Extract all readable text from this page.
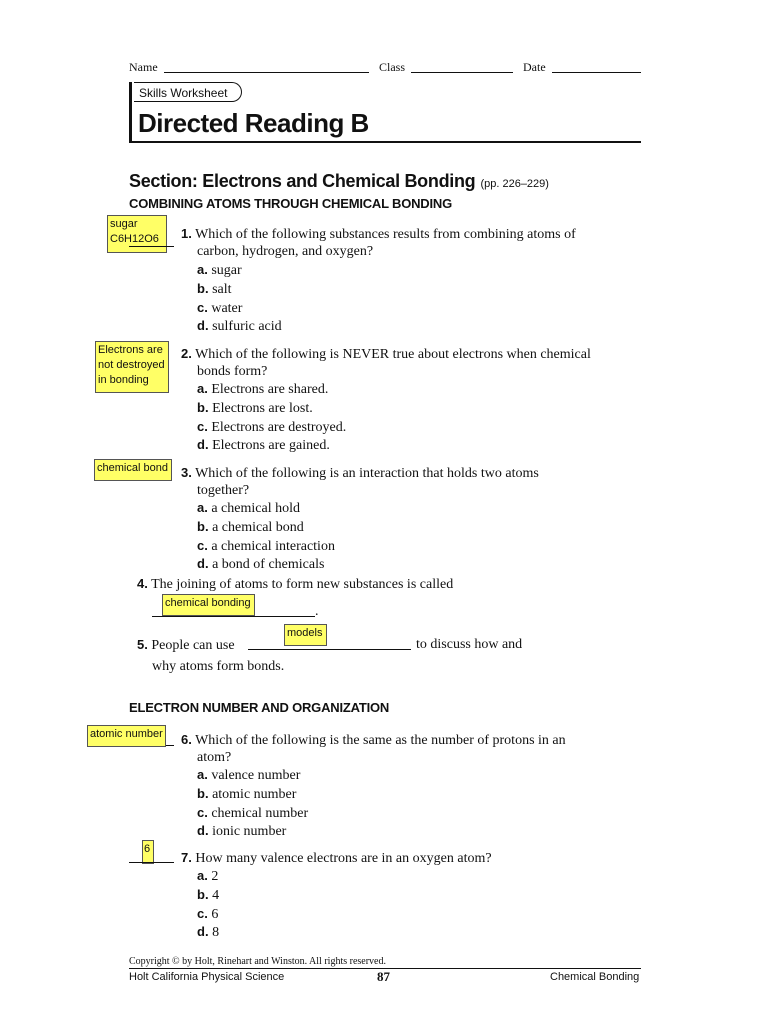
Name	Class	Date
Skills Worksheet
Directed Reading B
Section: Electrons and Chemical Bonding (pp. 226–229)
COMBINING ATOMS THROUGH CHEMICAL BONDING
sugar
C6H12O6	1. Which of the following substances results from combining atoms of
carbon, hydrogen, and oxygen?
a. sugar
b. salt
c. water
d. sulfuric acid
Electrons are
not destroyed
in bonding
2. Which of the following is NEVER true about electrons when chemical
bonds form?
a. Electrons are shared.
b. Electrons are lost.
c. Electrons are destroyed.
d. Electrons are gained.
chemical bond	3. Which of the following is an interaction that holds two atoms
together?
a. a chemical hold
b. a chemical bond
c. a chemical interaction
d. a bond of chemicals
4. The joining of atoms to form new substances is called
.
chemical bonding
5. People can use
models
to discuss how and
why atoms form bonds.
ELECTRON NUMBER AND ORGANIZATION
atomic number 6. Which of the following is the same as the number of protons in an
atom?
a. valence number
b. atomic number
c. chemical number
d. ionic number
6
7. How many valence electrons are in an oxygen atom?
a. 2
b. 4
c. 6
d. 8
Copyright © by Holt, Rinehart and Winston. All rights reserved.
Holt California Physical Science	87	Chemical Bonding
